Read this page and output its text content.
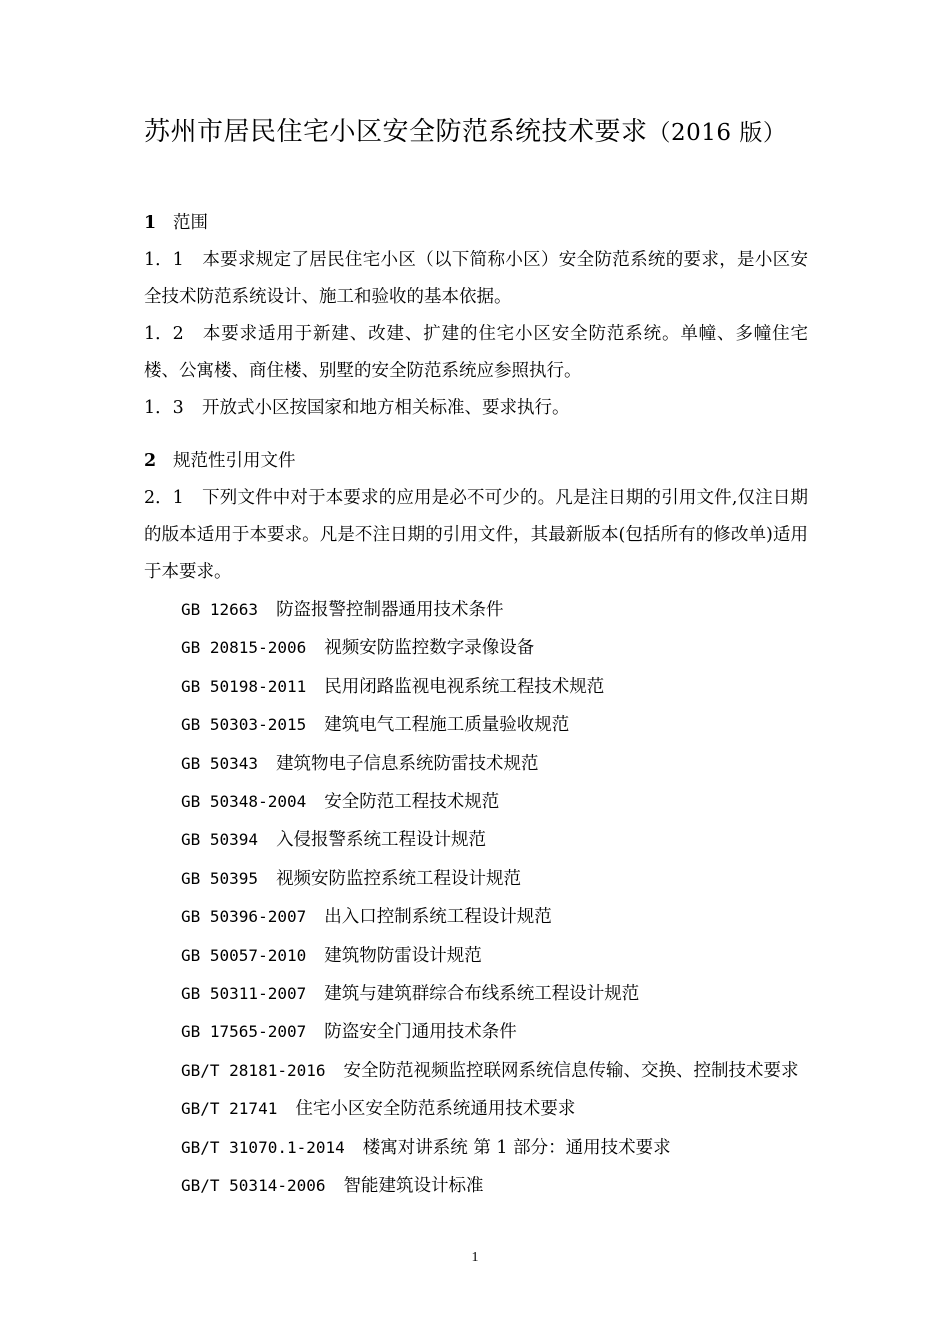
苏州市居民住宅小区安全防范系统技术要求（2016 版）
1 范围
1．1 本要求规定了居民住宅小区（以下简称小区）安全防范系统的要求，是小区安全技术防范系统设计、施工和验收的基本依据。
1．2 本要求适用于新建、改建、扩建的住宅小区安全防范系统。单幢、多幢住宅楼、公寓楼、商住楼、别墅的安全防范系统应参照执行。
1．3 开放式小区按国家和地方相关标准、要求执行。
2 规范性引用文件
2．1 下列文件中对于本要求的应用是必不可少的。凡是注日期的引用文件,仅注日期的版本适用于本要求。凡是不注日期的引用文件，其最新版本(包括所有的修改单)适用于本要求。
GB 12663 防盗报警控制器通用技术条件
GB 20815-2006 视频安防监控数字录像设备
GB 50198-2011 民用闭路监视电视系统工程技术规范
GB 50303-2015 建筑电气工程施工质量验收规范
GB 50343 建筑物电子信息系统防雷技术规范
GB 50348-2004 安全防范工程技术规范
GB 50394 入侵报警系统工程设计规范
GB 50395 视频安防监控系统工程设计规范
GB 50396-2007 出入口控制系统工程设计规范
GB 50057-2010 建筑物防雷设计规范
GB 50311-2007 建筑与建筑群综合布线系统工程设计规范
GB 17565-2007 防盗安全门通用技术条件
GB/T 28181-2016 安全防范视频监控联网系统信息传输、交换、控制技术要求
GB/T 21741 住宅小区安全防范系统通用技术要求
GB/T 31070.1-2014 楼寓对讲系统 第 1 部分：通用技术要求
GB/T 50314-2006 智能建筑设计标准
1
